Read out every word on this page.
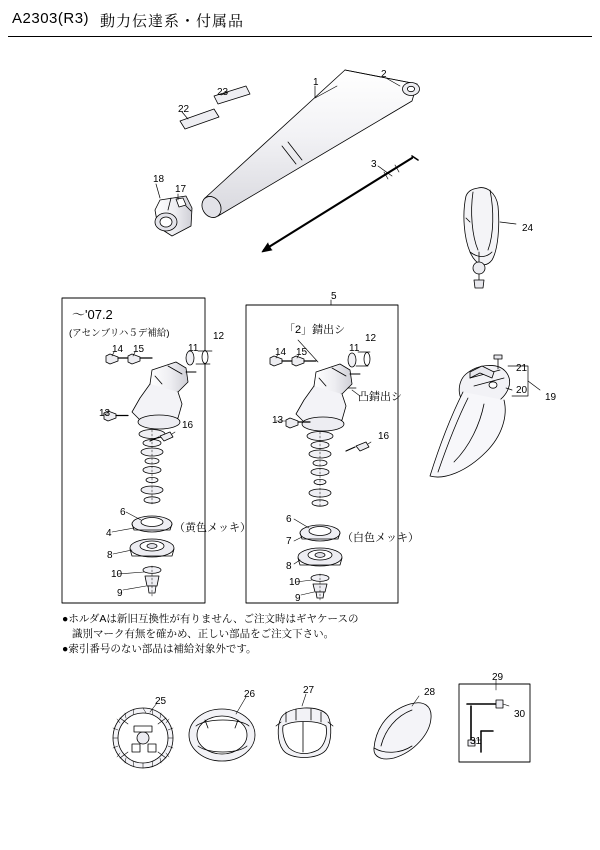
A2303(R3) 動力伝達系・付属品
〜'07.2
(アセンブリハ５デ補給)	「2」錆出シ
凸錆出シ
（黄色メッキ）
（白色メッキ）
●ホルダAは新旧互換性が有りません、ご注文時はギヤケースの
識別マーク有無を確かめ、正しい部品をご注文下さい。
●索引番号のない部品は補給対象外です。
1
2
3
4
5
6
6
7
8
8
9	9
10
10
11	11
12	12
13
13
14 15	14 15
16
16
17
18
19
20
21
22
23
24
25
26	27	28
29
30
31
